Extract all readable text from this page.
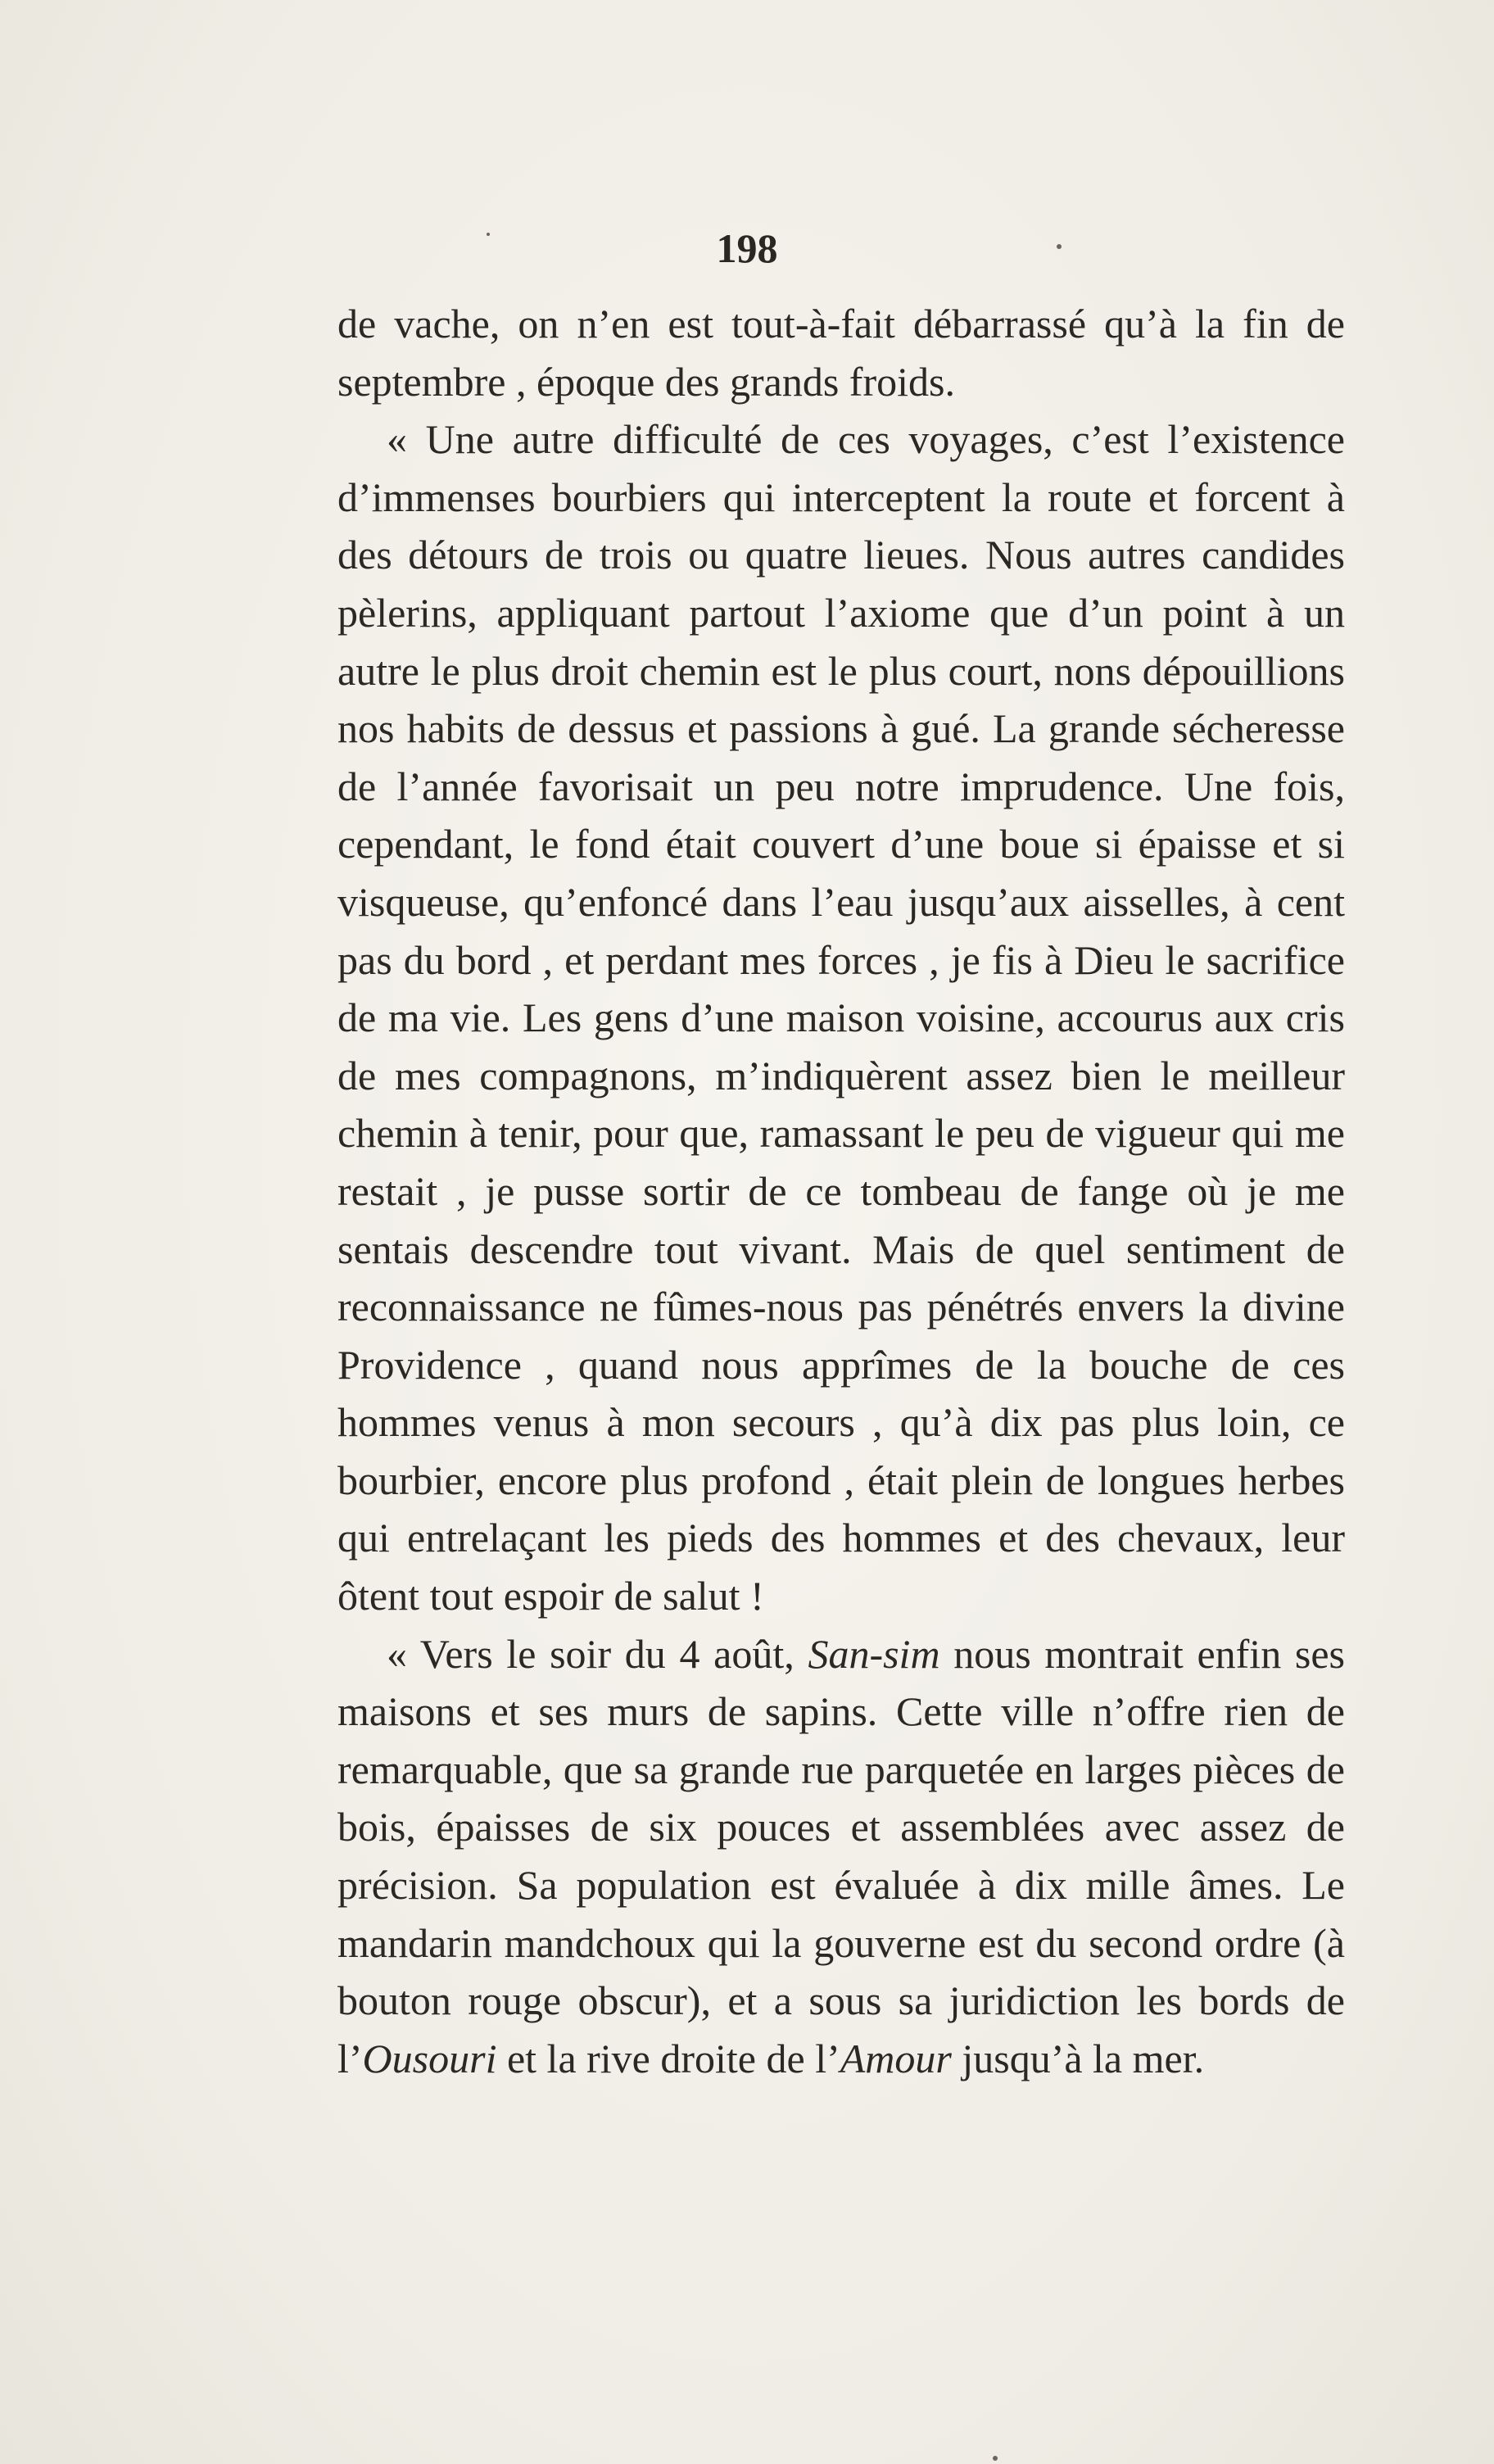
198

de vache, on n’en est tout-à-fait débarrassé qu’à la fin de septembre , époque des grands froids.

« Une autre difficulté de ces voyages, c’est l’existence d’immenses bourbiers qui interceptent la route et forcent à des détours de trois ou quatre lieues. Nous autres candides pèlerins, appliquant partout l’axiome que d’un point à un autre le plus droit chemin est le plus court, nons dépouillions nos habits de dessus et passions à gué. La grande sécheresse de l’année favorisait un peu notre imprudence. Une fois, cependant, le fond était couvert d’une boue si épaisse et si visqueuse, qu’enfoncé dans l’eau jusqu’aux aisselles, à cent pas du bord , et perdant mes forces , je fis à Dieu le sacrifice de ma vie. Les gens d’une maison voisine, accourus aux cris de mes compagnons, m’indiquèrent assez bien le meilleur chemin à tenir, pour que, ramassant le peu de vigueur qui me restait , je pusse sortir de ce tombeau de fange où je me sentais descendre tout vivant. Mais de quel sentiment de reconnaissance ne fûmes-nous pas pénétrés envers la divine Providence , quand nous apprîmes de la bouche de ces hommes venus à mon secours , qu’à dix pas plus loin, ce bourbier, encore plus profond , était plein de longues herbes qui entrelaçant les pieds des hommes et des chevaux, leur ôtent tout espoir de salut !

« Vers le soir du 4 août, San-sim nous montrait enfin ses maisons et ses murs de sapins. Cette ville n’offre rien de remarquable, que sa grande rue parquetée en larges pièces de bois, épaisses de six pouces et assemblées avec assez de précision. Sa population est évaluée à dix mille âmes. Le mandarin mandchoux qui la gouverne est du second ordre (à bouton rouge obscur), et a sous sa juridiction les bords de l’Ousouri et la rive droite de l’Amour jusqu’à la mer.
